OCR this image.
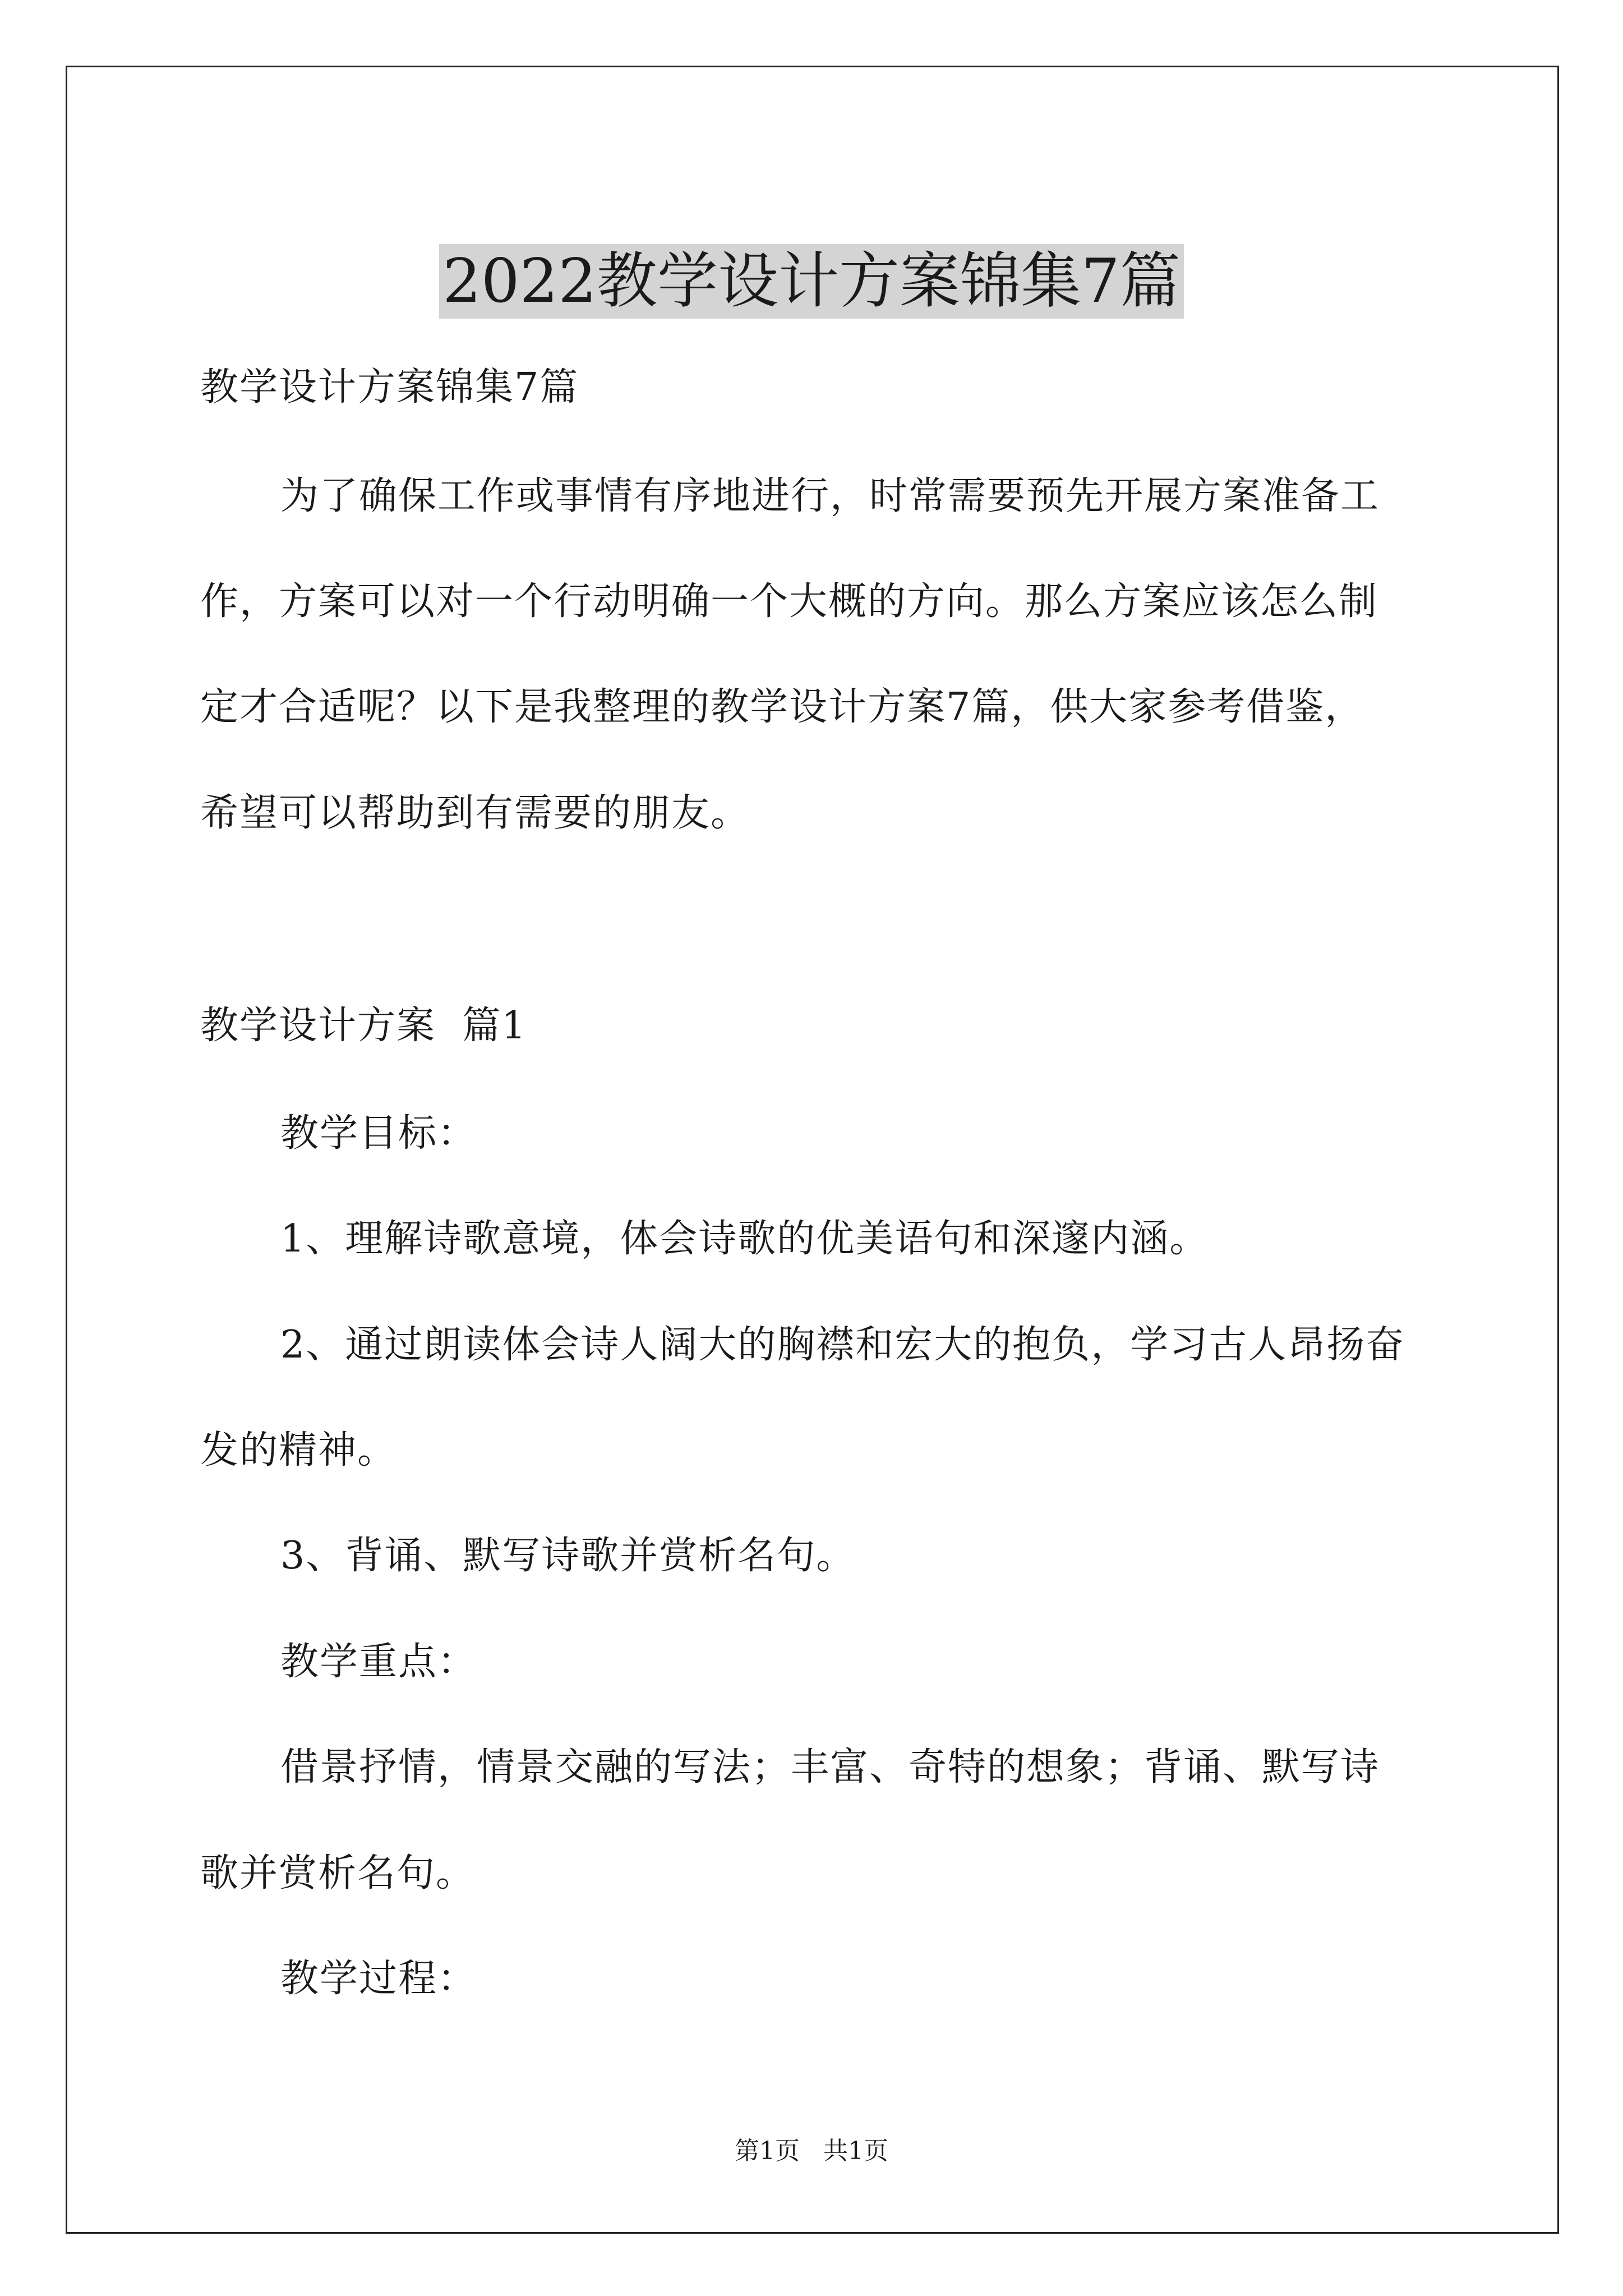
2022教学设计方案锦集7篇

教学设计方案锦集7篇

为了确保工作或事情有序地进行，时常需要预先开展方案准备工

作，方案可以对一个行动明确一个大概的方向。那么方案应该怎么制

定才合适呢？以下是我整理的教学设计方案7篇，供大家参考借鉴，

希望可以帮助到有需要的朋友。

教学设计方案  篇1

教学目标：

1、理解诗歌意境，体会诗歌的优美语句和深邃内涵。

2、通过朗读体会诗人阔大的胸襟和宏大的抱负，学习古人昂扬奋

发的精神。

3、背诵、默写诗歌并赏析名句。

教学重点：

借景抒情，情景交融的写法；丰富、奇特的想象；背诵、默写诗

歌并赏析名句。

教学过程：

第1页   共1页
